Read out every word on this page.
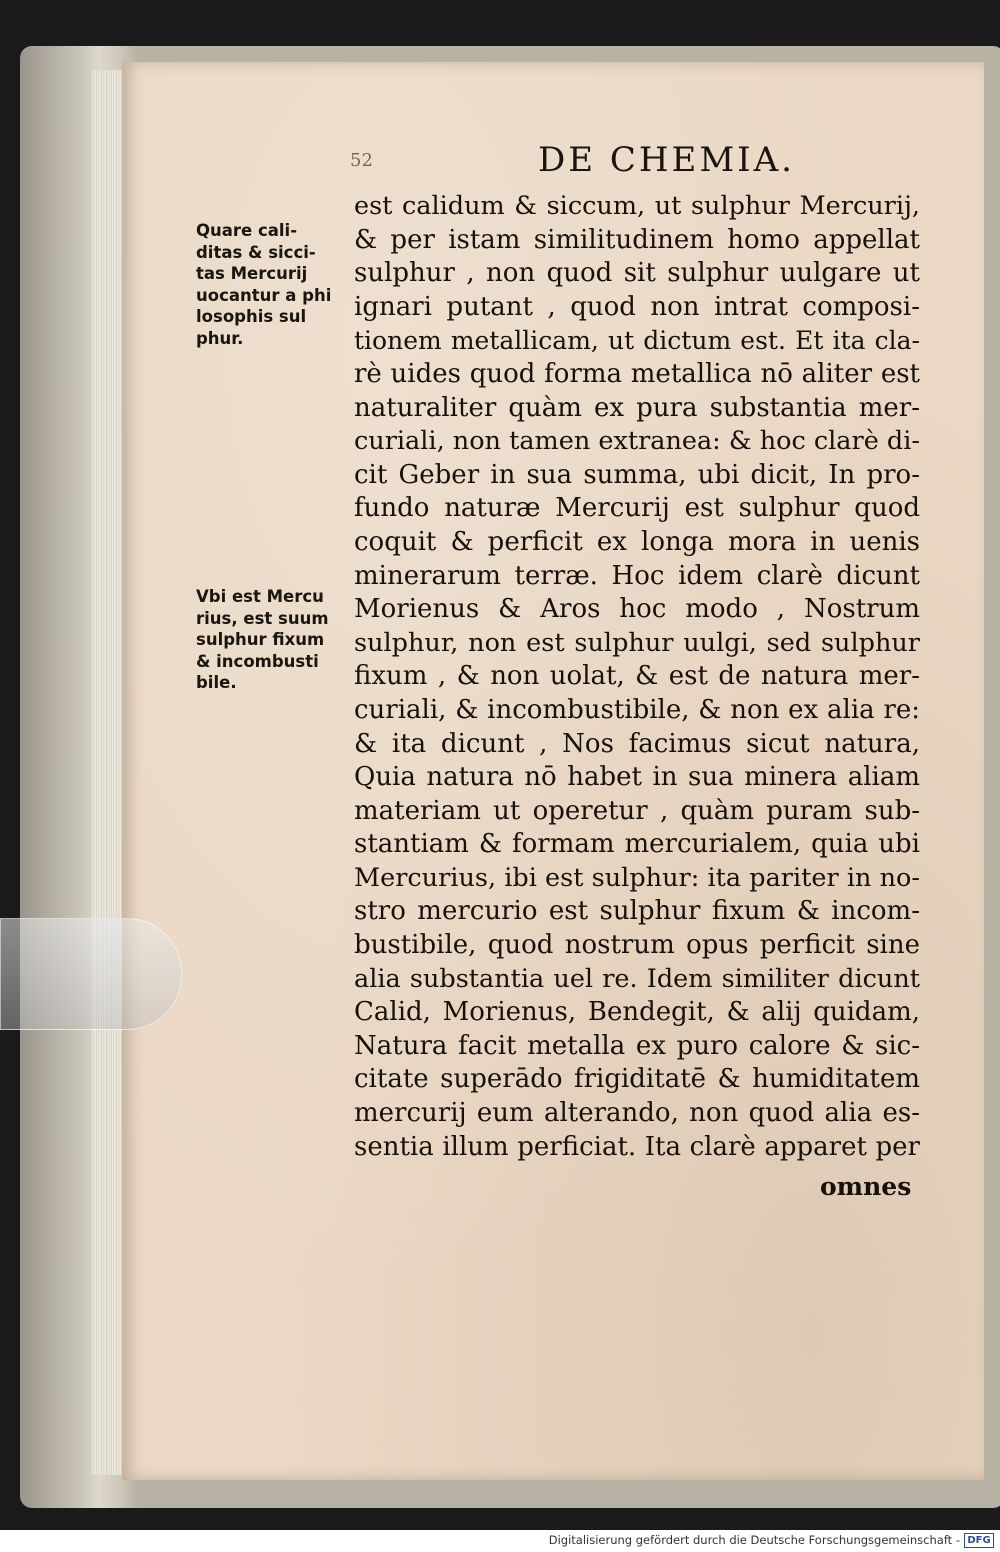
52	DE CHEMIA.
Quare cali-
ditas & sicci-
tas Mercurij
uocantur a phi
losophis sul
phur.
Vbi est Mercu
rius, est suum
sulphur fixum
& incombusti
bile.
est calidum & siccum, ut sulphur Mercurij,
& per istam similitudinem homo appellat
sulphur , non quod sit sulphur uulgare ut
ignari putant , quod non intrat composi-
tionem metallicam, ut dictum est. Et ita cla-
rè uides quod forma metallica nō aliter est
naturaliter quàm ex pura substantia mer-
curiali, non tamen extranea: & hoc clarè di-
cit Geber in sua summa, ubi dicit, In pro-
fundo naturæ Mercurij est sulphur quod
coquit & perficit ex longa mora in uenis
minerarum terræ. Hoc idem clarè dicunt
Morienus & Aros hoc modo , Nostrum
sulphur, non est sulphur uulgi, sed sulphur
fixum , & non uolat, & est de natura mer-
curiali, & incombustibile, & non ex alia re:
& ita dicunt , Nos facimus sicut natura,
Quia natura nō habet in sua minera aliam
materiam ut operetur , quàm puram sub-
stantiam & formam mercurialem, quia ubi
Mercurius, ibi est sulphur: ita pariter in no-
stro mercurio est sulphur fixum & incom-
bustibile, quod nostrum opus perficit sine
alia substantia uel re. Idem similiter dicunt
Calid, Morienus, Bendegit, & alij quidam,
Natura facit metalla ex puro calore & sic-
citate superādo frigiditatē & humiditatem
mercurij eum alterando, non quod alia es-
sentia illum perficiat. Ita clarè apparet per
omnes
Digitalisierung gefördert durch die Deutsche Forschungsgemeinschaft - DFG
